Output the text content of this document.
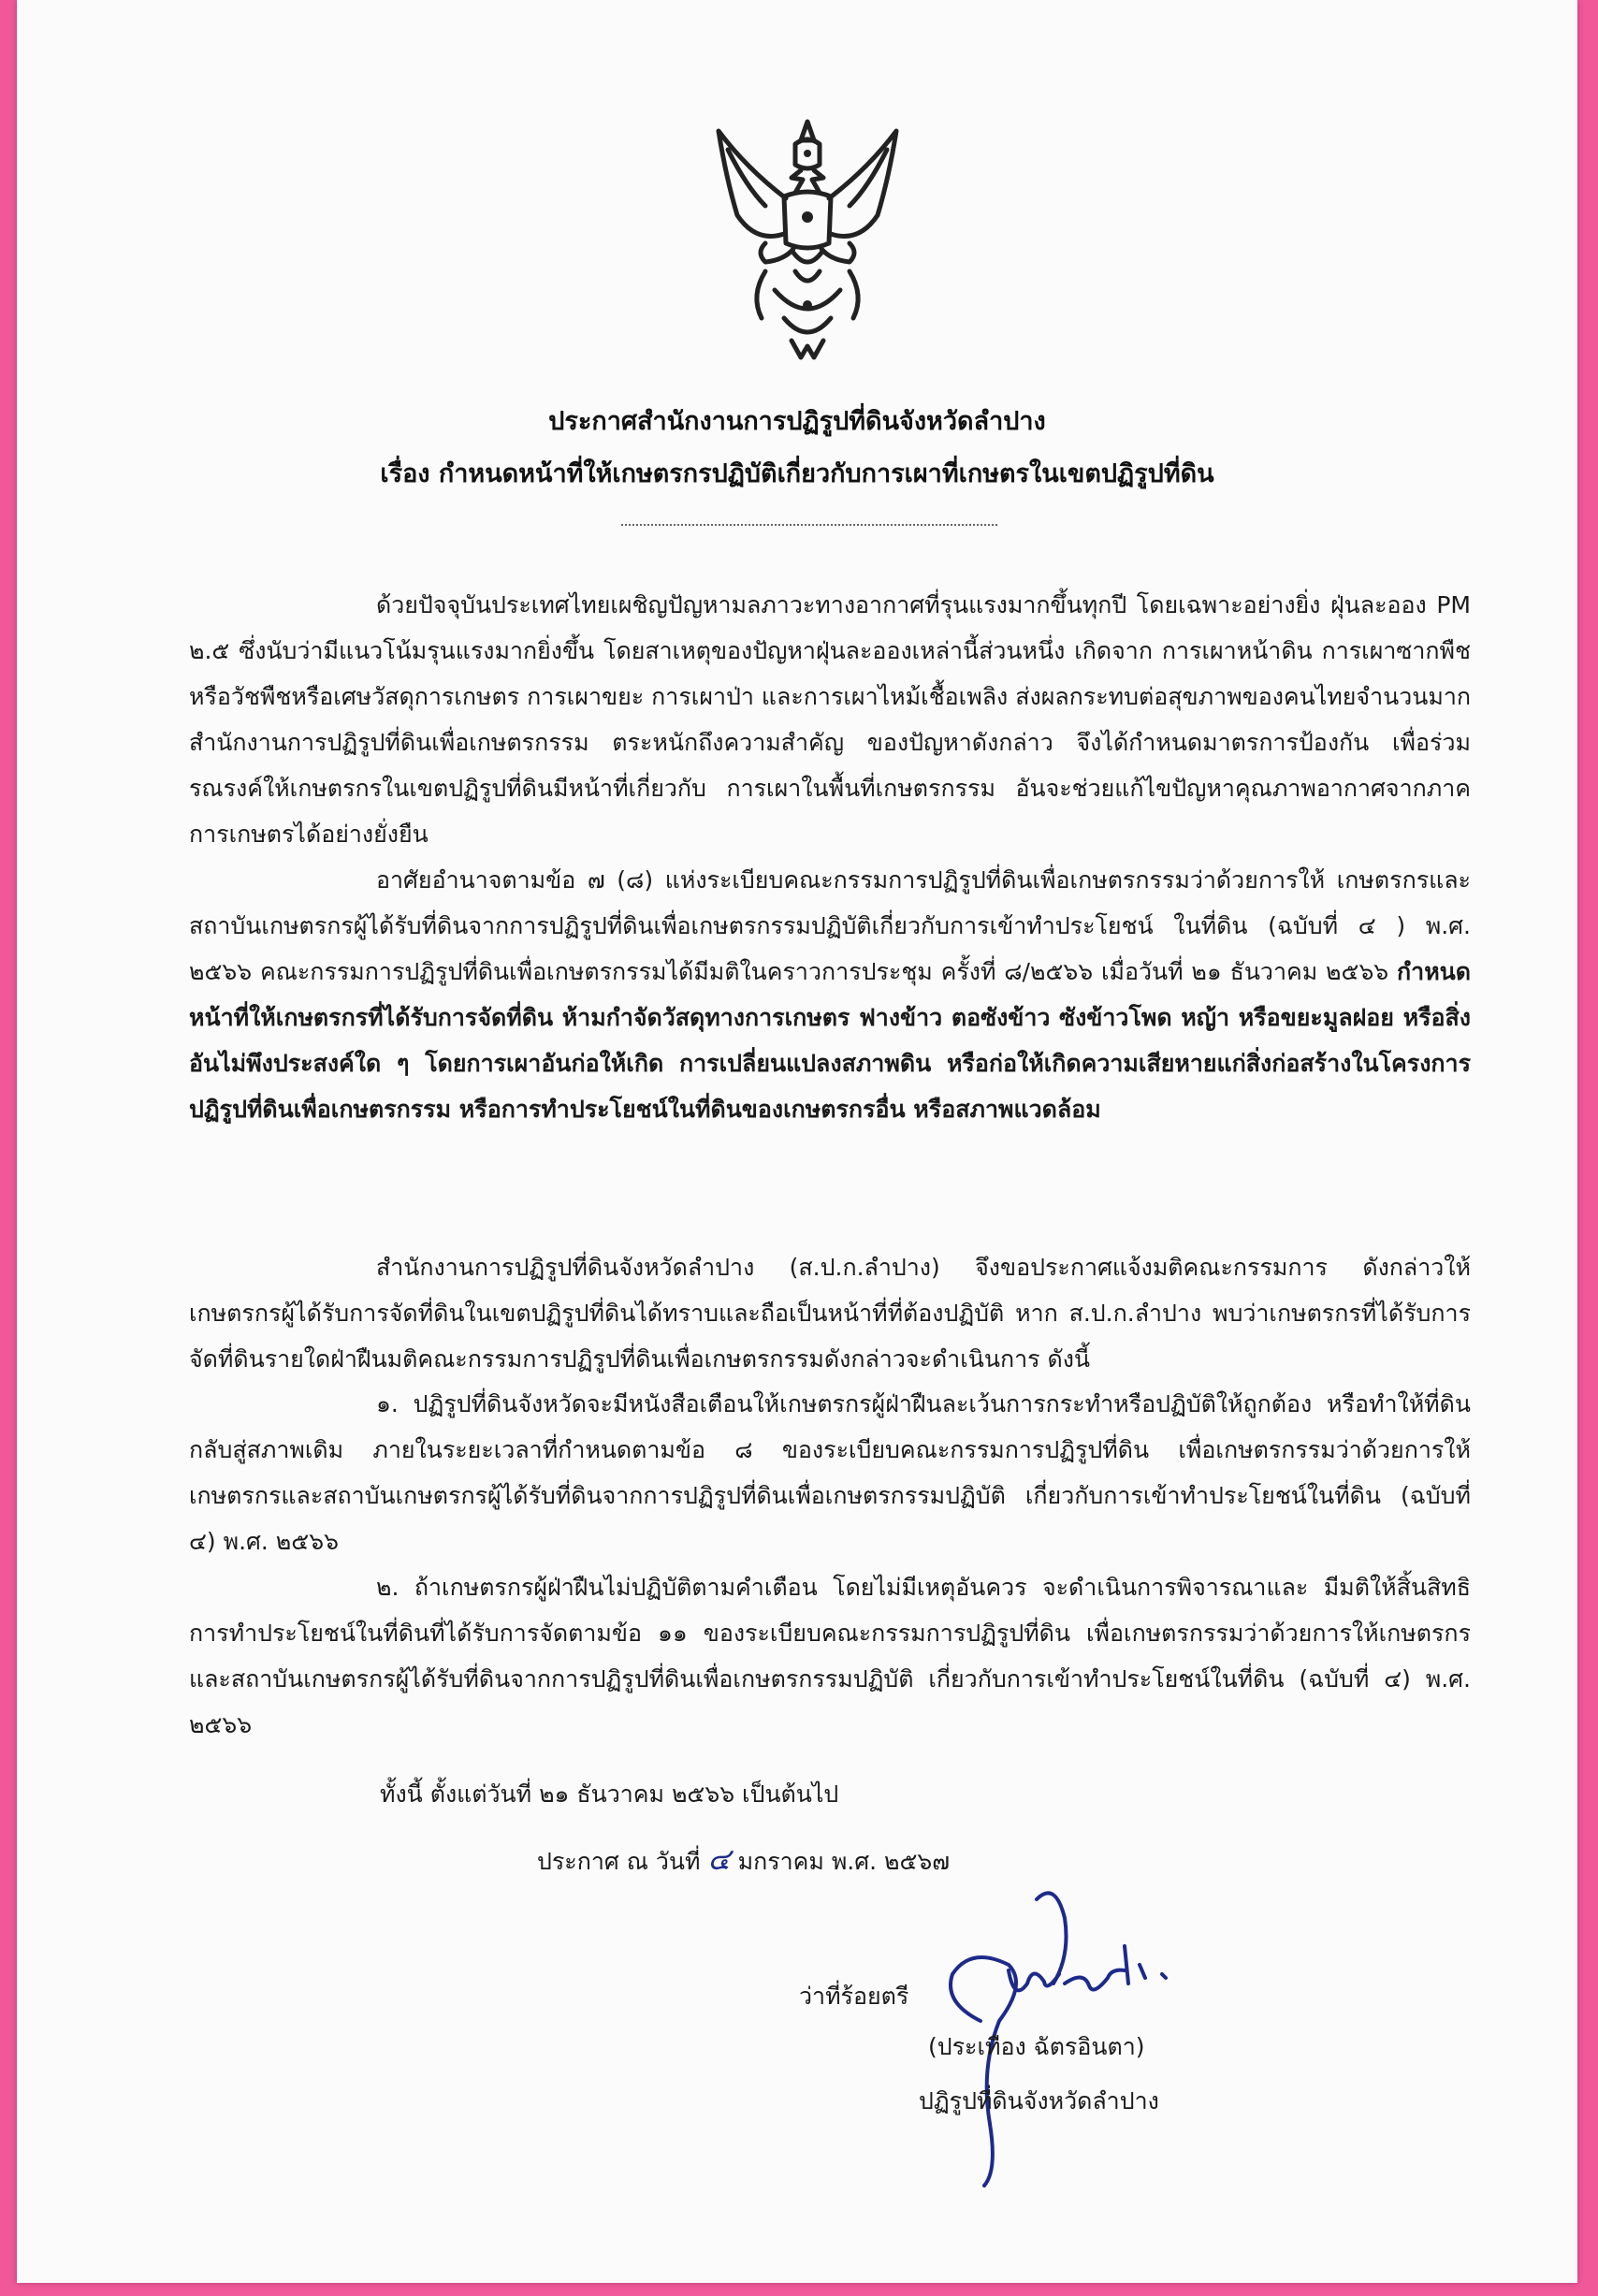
ประกาศสำนักงานการปฏิรูปที่ดินจังหวัดลำปาง
เรื่อง กำหนดหน้าที่ให้เกษตรกรปฏิบัติเกี่ยวกับการเผาที่เกษตรในเขตปฏิรูปที่ดิน
ด้วยปัจจุบันประเทศไทยเผชิญปัญหามลภาวะทางอากาศที่รุนแรงมากขึ้นทุกปี โดยเฉพาะอย่างยิ่ง ฝุ่นละออง PM ๒.๕ ซึ่งนับว่ามีแนวโน้มรุนแรงมากยิ่งขึ้น โดยสาเหตุของปัญหาฝุ่นละอองเหล่านี้ส่วนหนึ่ง เกิดจาก การเผาหน้าดิน การเผาซากพืชหรือวัชพืชหรือเศษวัสดุการเกษตร การเผาขยะ การเผาป่า และการเผาไหม้เชื้อเพลิง ส่งผลกระทบต่อสุขภาพของคนไทยจำนวนมาก สำนักงานการปฏิรูปที่ดินเพื่อเกษตรกรรม ตระหนักถึงความสำคัญ ของปัญหาดังกล่าว จึงได้กำหนดมาตรการป้องกัน เพื่อร่วมรณรงค์ให้เกษตรกรในเขตปฏิรูปที่ดินมีหน้าที่เกี่ยวกับ การเผาในพื้นที่เกษตรกรรม อันจะช่วยแก้ไขปัญหาคุณภาพอากาศจากภาคการเกษตรได้อย่างยั่งยืน
อาศัยอำนาจตามข้อ ๗ (๘) แห่งระเบียบคณะกรรมการปฏิรูปที่ดินเพื่อเกษตรกรรมว่าด้วยการให้ เกษตรกรและสถาบันเกษตรกรผู้ได้รับที่ดินจากการปฏิรูปที่ดินเพื่อเกษตรกรรมปฏิบัติเกี่ยวกับการเข้าทำประโยชน์ ในที่ดิน (ฉบับที่ ๔ ) พ.ศ. ๒๕๖๖ คณะกรรมการปฏิรูปที่ดินเพื่อเกษตรกรรมได้มีมติในคราวการประชุม ครั้งที่ ๘/๒๕๖๖ เมื่อวันที่ ๒๑ ธันวาคม ๒๕๖๖ กำหนดหน้าที่ให้เกษตรกรที่ได้รับการจัดที่ดิน ห้ามกำจัดวัสดุทางการเกษตร ฟางข้าว ตอซังข้าว ซังข้าวโพด หญ้า หรือขยะมูลฝอย หรือสิ่งอันไม่พึงประสงค์ใด ๆ โดยการเผาอันก่อให้เกิด การเปลี่ยนแปลงสภาพดิน หรือก่อให้เกิดความเสียหายแก่สิ่งก่อสร้างในโครงการปฏิรูปที่ดินเพื่อเกษตรกรรม หรือการทำประโยชน์ในที่ดินของเกษตรกรอื่น หรือสภาพแวดล้อม
สำนักงานการปฏิรูปที่ดินจังหวัดลำปาง (ส.ป.ก.ลำปาง) จึงขอประกาศแจ้งมติคณะกรรมการ ดังกล่าวให้เกษตรกรผู้ได้รับการจัดที่ดินในเขตปฏิรูปที่ดินได้ทราบและถือเป็นหน้าที่ที่ต้องปฏิบัติ หาก ส.ป.ก.ลำปาง พบว่าเกษตรกรที่ได้รับการจัดที่ดินรายใดฝ่าฝืนมติคณะกรรมการปฏิรูปที่ดินเพื่อเกษตรกรรมดังกล่าวจะดำเนินการ ดังนี้
๑. ปฏิรูปที่ดินจังหวัดจะมีหนังสือเตือนให้เกษตรกรผู้ฝ่าฝืนละเว้นการกระทำหรือปฏิบัติให้ถูกต้อง หรือทำให้ที่ดินกลับสู่สภาพเดิม ภายในระยะเวลาที่กำหนดตามข้อ ๘ ของระเบียบคณะกรรมการปฏิรูปที่ดิน เพื่อเกษตรกรรมว่าด้วยการให้เกษตรกรและสถาบันเกษตรกรผู้ได้รับที่ดินจากการปฏิรูปที่ดินเพื่อเกษตรกรรมปฏิบัติ เกี่ยวกับการเข้าทำประโยชน์ในที่ดิน (ฉบับที่ ๔) พ.ศ. ๒๕๖๖
๒. ถ้าเกษตรกรผู้ฝ่าฝืนไม่ปฏิบัติตามคำเตือน โดยไม่มีเหตุอันควร จะดำเนินการพิจารณาและ มีมติให้สิ้นสิทธิการทำประโยชน์ในที่ดินที่ได้รับการจัดตามข้อ ๑๑ ของระเบียบคณะกรรมการปฏิรูปที่ดิน เพื่อเกษตรกรรมว่าด้วยการให้เกษตรกรและสถาบันเกษตรกรผู้ได้รับที่ดินจากการปฏิรูปที่ดินเพื่อเกษตรกรรมปฏิบัติ เกี่ยวกับการเข้าทำประโยชน์ในที่ดิน (ฉบับที่ ๔) พ.ศ. ๒๕๖๖
ทั้งนี้ ตั้งแต่วันที่ ๒๑ ธันวาคม ๒๕๖๖ เป็นต้นไป
ประกาศ ณ วันที่ ๔ มกราคม พ.ศ. ๒๕๖๗
ว่าที่ร้อยตรี
(ประเทือง ฉัตรอินตา)
ปฏิรูปที่ดินจังหวัดลำปาง
